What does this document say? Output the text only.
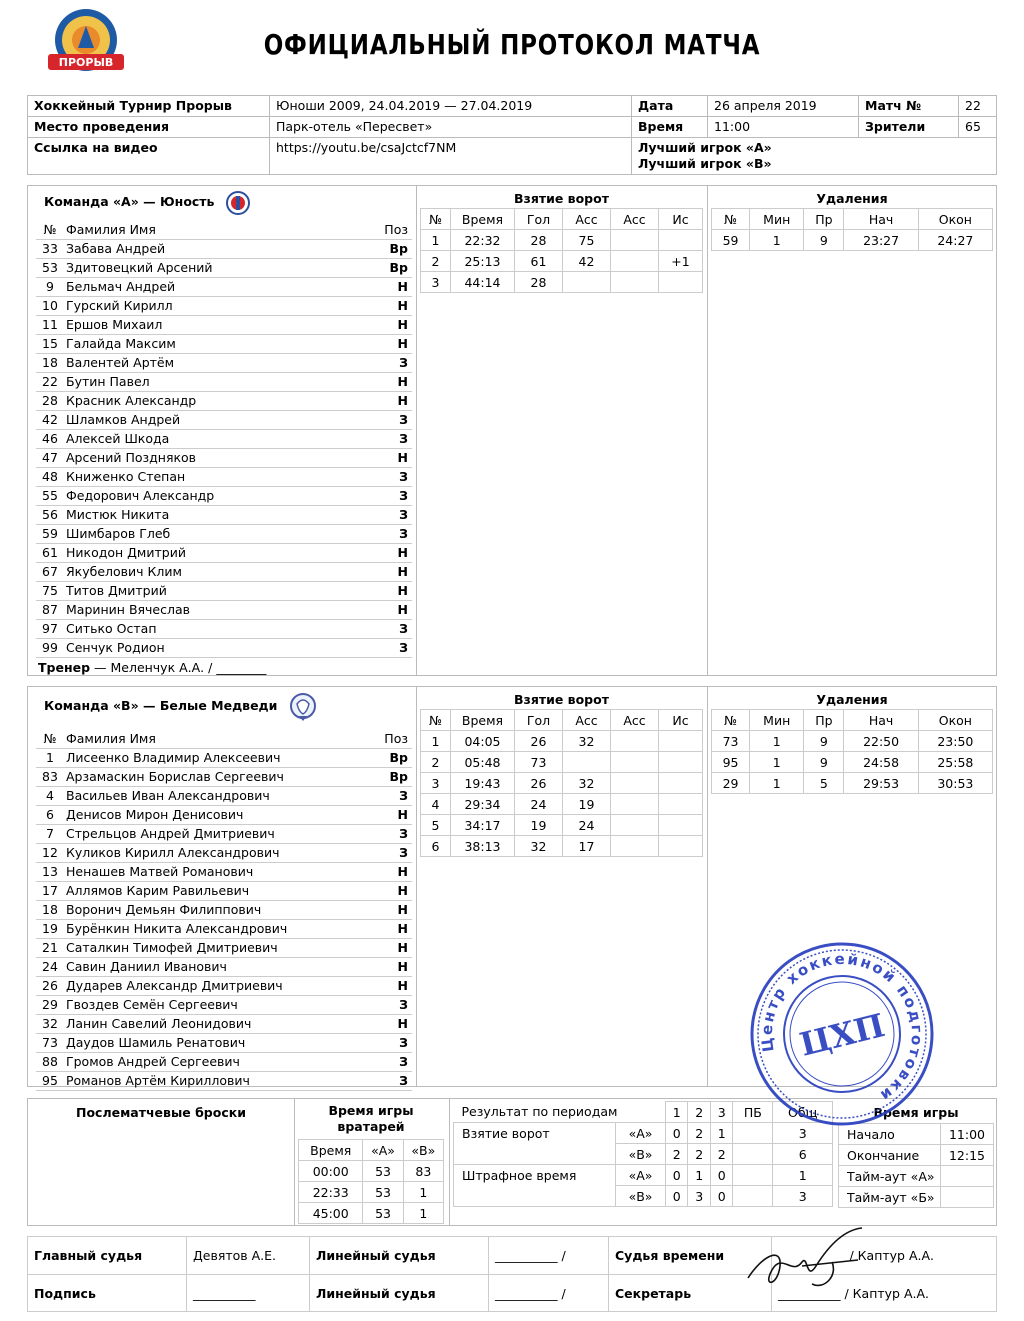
ПРОРЫВ
ОФИЦИАЛЬНЫЙ ПРОТОКОЛ МАТЧА
Хоккейный Турнир Прорыв	Юноши 2009, 24.04.2019 — 27.04.2019	Дата	26 апреля 2019	Матч №	22
Место проведения	Парк-отель «Пересвет»	Время	11:00	Зрители	65
Ссылка на видео	https://youtu.be/csaJctcf7NM	Лучший игрок «А»
Лучший игрок «В»			
Команда «А» — Юность
№	Фамилия Имя	Поз
33	Забава Андрей	Вр
53	Здитовецкий Арсений	Вр
9	Бельмач Андрей	Н
10	Гурский Кирилл	Н
11	Ершов Михаил	Н
15	Галайда Максим	Н
18	Валентей Артём	З
22	Бутин Павел	Н
28	Красник Александр	Н
42	Шламков Андрей	З
46	Алексей Шкода	З
47	Арсений Поздняков	Н
48	Книженко Степан	З
55	Федорович Александр	З
56	Мистюк Никита	З
59	Шимбаров Глеб	З
61	Никодон Дмитрий	Н
67	Якубелович Клим	Н
75	Титов Дмитрий	Н
87	Маринин Вячеслав	Н
97	Ситько Остап	З
99	Сенчук Родион	З
Тренер — Меленчук А.А. / ________
Взятие ворот
№	Время	Гол	Асс	Асс	Ис
1	22:32	28	75		
2	25:13	61	42		+1
3	44:14	28			
Удаления
№	Мин	Пр	Нач	Окон
59	1	9	23:27	24:27
Команда «В» — Белые Медведи
№	Фамилия Имя	Поз
1	Лисеенко Владимир Алексеевич	Вр
83	Арзамаскин Борислав Сергеевич	Вр
4	Васильев Иван Александрович	З
6	Денисов Мирон Денисович	Н
7	Стрельцов Андрей Дмитриевич	З
12	Куликов Кирилл Александрович	З
13	Ненашев Матвей Романович	Н
17	Аллямов Карим Равильевич	Н
18	Воронич Демьян Филиппович	Н
19	Бурёнкин Никита Александрович	Н
21	Саталкин Тимофей Дмитриевич	Н
24	Савин Даниил Иванович	Н
26	Дударев Александр Дмитриевич	Н
29	Гвоздев Семён Сергеевич	З
32	Ланин Савелий Леонидович	Н
73	Даудов Шамиль Ренатович	З
88	Громов Андрей Сергеевич	З
95	Романов Артём Кириллович	З
Взятие ворот
№	Время	Гол	Асс	Асс	Ис
1	04:05	26	32		
2	05:48	73			
3	19:43	26	32		
4	29:34	24	19		
5	34:17	19	24		
6	38:13	32	17		
Удаления
№	Мин	Пр	Нач	Окон
73	1	9	22:50	23:50
95	1	9	24:58	25:58
29	1	5	29:53	30:53
Послематчевые броски	Время игры вратарей
Время	«А»	«В»
00:00	53	83
22:33	53	1
45:00	53	1
Результат по периодам		1	2	3	ПБ	Общ
Взятие ворот	«А»	0	2	1		3
	«В»	2	2	2		6
Штрафное время	«А»	0	1	0		1
	«В»	0	3	0		3
Время игры
Начало	11:00
Окончание	12:15
Тайм-аут «А»	
Тайм-аут «Б»	
Центр хоккейной подготовки
ЦХП
Главный судья	Девятов А.Е.	Линейный судья	__________ /	Судья времени	/ Каптур А.А.
Подпись	__________	Линейный судья	__________ /	Секретарь	__________ / Каптур А.А.
